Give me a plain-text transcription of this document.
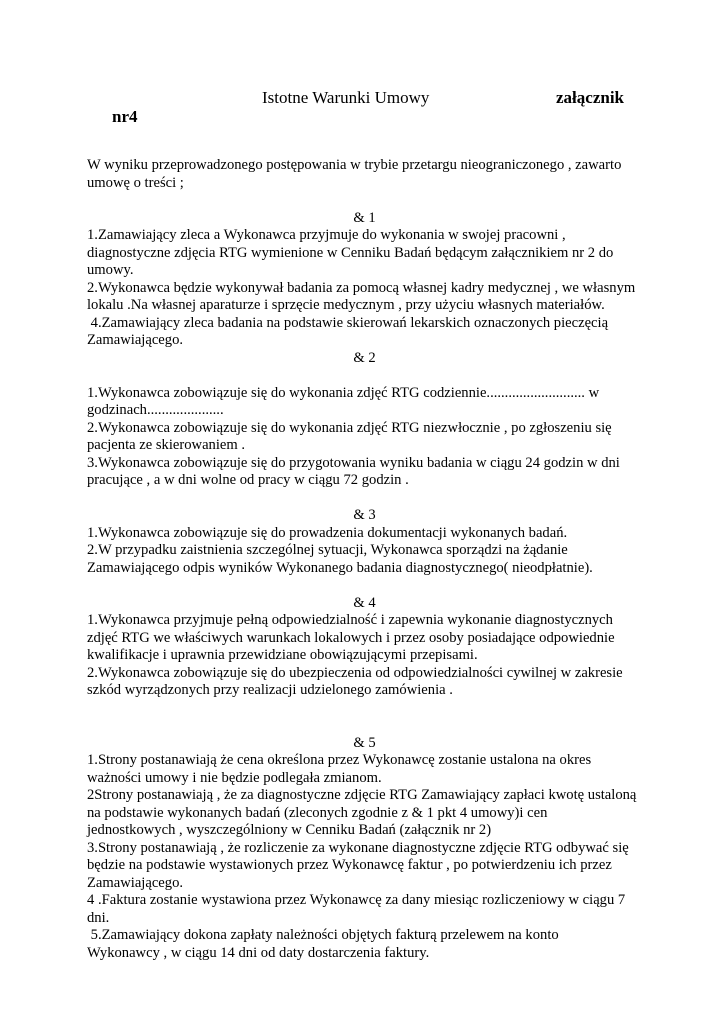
Istotne Warunki Umowy	załącznik
nr4
W wyniku przeprowadzonego postępowania w trybie przetargu nieograniczonego , zawarto
umowę o treści ;
& 1
1.Zamawiający zleca a Wykonawca przyjmuje do wykonania w swojej pracowni ,
diagnostyczne zdjęcia RTG wymienione w Cenniku Badań będącym załącznikiem nr 2 do
umowy.
2.Wykonawca będzie wykonywał badania za pomocą własnej kadry medycznej , we własnym
lokalu .Na własnej aparaturze i sprzęcie medycznym , przy użyciu własnych materiałów.
4.Zamawiający zleca badania na podstawie skierowań lekarskich oznaczonych pieczęcią
Zamawiającego.
& 2
1.Wykonawca zobowiązuje się do wykonania zdjęć RTG codziennie........................... w
godzinach.....................
2.Wykonawca zobowiązuje się do wykonania zdjęć RTG niezwłocznie , po zgłoszeniu się
pacjenta ze skierowaniem .
3.Wykonawca zobowiązuje się do przygotowania wyniku badania w ciągu 24 godzin w dni
pracujące , a w dni wolne od pracy w ciągu 72 godzin .
& 3
1.Wykonawca zobowiązuje się do prowadzenia dokumentacji wykonanych badań.
2.W przypadku zaistnienia szczególnej sytuacji, Wykonawca sporządzi na żądanie
Zamawiającego odpis wyników Wykonanego badania diagnostycznego( nieodpłatnie).
& 4
1.Wykonawca przyjmuje pełną odpowiedzialność i zapewnia wykonanie diagnostycznych
zdjęć RTG we właściwych warunkach lokalowych i przez osoby posiadające odpowiednie
kwalifikacje i uprawnia przewidziane obowiązującymi przepisami.
2.Wykonawca zobowiązuje się do ubezpieczenia od odpowiedzialności cywilnej w zakresie
szkód wyrządzonych przy realizacji udzielonego zamówienia .
& 5
1.Strony postanawiają że cena określona przez Wykonawcę zostanie ustalona na okres
ważności umowy i nie będzie podlegała zmianom.
2Strony postanawiają , że za diagnostyczne zdjęcie RTG Zamawiający zapłaci kwotę ustaloną
na podstawie wykonanych badań (zleconych zgodnie z & 1 pkt 4 umowy)i cen
jednostkowych , wyszczególniony w Cenniku Badań (załącznik nr 2)
3.Strony postanawiają , że rozliczenie za wykonane diagnostyczne zdjęcie RTG odbywać się
będzie na podstawie wystawionych przez Wykonawcę faktur , po potwierdzeniu ich przez
Zamawiającego.
4 .Faktura zostanie wystawiona przez Wykonawcę za dany miesiąc rozliczeniowy w ciągu 7
dni.
5.Zamawiający dokona zapłaty należności objętych fakturą przelewem na konto
Wykonawcy , w ciągu 14 dni od daty dostarczenia faktury.
